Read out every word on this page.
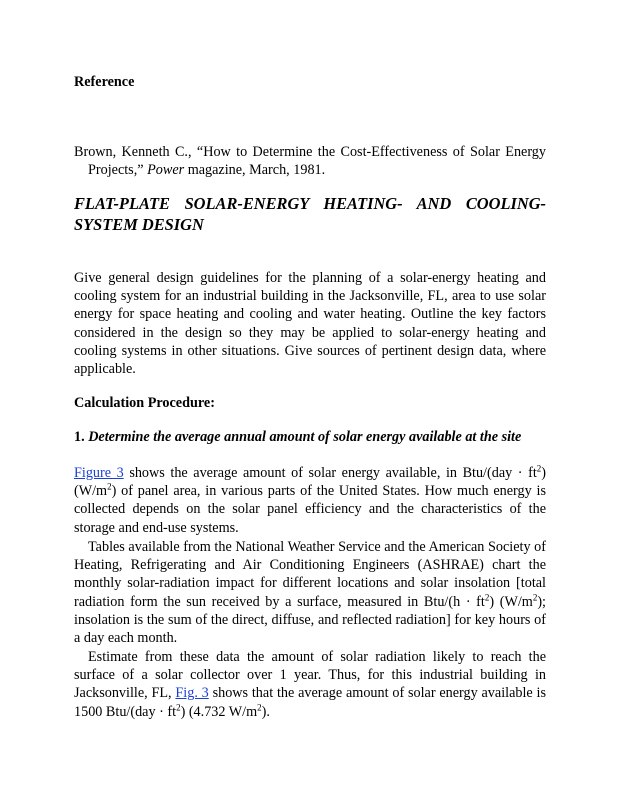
Reference

Brown, Kenneth C., “How to Determine the Cost-Effectiveness of Solar Energy Projects,” Power magazine, March, 1981.

FLAT-PLATE SOLAR-ENERGY HEATING- AND COOLING-SYSTEM DESIGN

Give general design guidelines for the planning of a solar-energy heating and cooling system for an industrial building in the Jacksonville, FL, area to use solar energy for space heating and cooling and water heating. Outline the key factors considered in the design so they may be applied to solar-energy heating and cooling systems in other situations. Give sources of pertinent design data, where applicable.

Calculation Procedure:

1. Determine the average annual amount of solar energy available at the site

Figure 3 shows the average amount of solar energy available, in $Btu/(day \cdot ft^2)$ $(W/m^2)$ of panel area, in various parts of the United States. How much energy is collected depends on the solar panel efficiency and the characteristics of the storage and end-use systems.

Tables available from the National Weather Service and the American Society of Heating, Refrigerating and Air Conditioning Engineers (ASHRAE) chart the monthly solar-radiation impact for different locations and solar insolation [total radiation form the sun received by a surface, measured in $Btu/(h \cdot ft^2)$ $(W/m^2)$; insolation is the sum of the direct, diffuse, and reflected radiation] for key hours of a day each month.

Estimate from these data the amount of solar radiation likely to reach the surface of a solar collector over 1 year. Thus, for this industrial building in Jacksonville, FL, Fig. 3 shows that the average amount of solar energy available is 1500 $Btu/(day \cdot ft^2)$ (4.732 $W/m^2$).
